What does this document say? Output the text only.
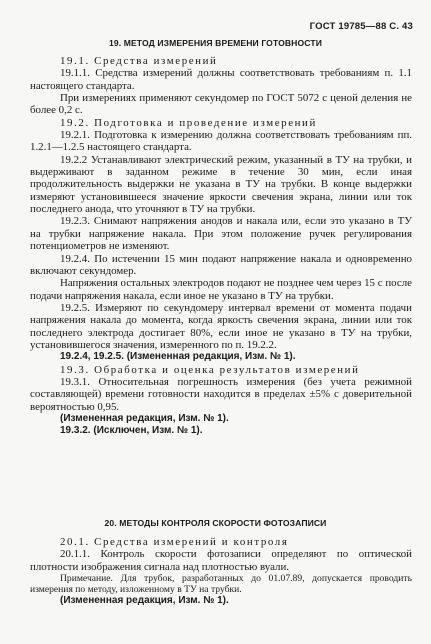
ГОСТ 19785—88 С. 43
19. МЕТОД ИЗМЕРЕНИЯ ВРЕМЕНИ ГОТОВНОСТИ

19.1. Средства измерений

19.1.1. Средства измерений должны соответствовать требованиям п. 1.1 настоящего стандарта.

При измерениях применяют секундомер по ГОСТ 5072 с ценой деления не более 0,2 с.

19.2. Подготовка и проведение измерений

19.2.1. Подготовка к измерению должна соответствовать требованиям пп. 1.2.1—1.2.5 настоящего стандарта.

19.2.2 Устанавливают электрический режим, указанный в ТУ на трубки, и выдерживают в заданном режиме в течение 30 мин, если иная продолжительность выдержки не указана в ТУ на трубки. В конце выдержки измеряют установившееся значение яркости свечения экрана, линии или ток последнего анода, что уточняют в ТУ на трубки.

19.2.3. Снимают напряжения анодов и накала или, если это указано в ТУ на трубки напряжение накала. При этом положение ручек регулирования потенциометров не изменяют.

19.2.4. По истечении 15 мин подают напряжение накала и одновременно включают секундомер.

Напряжения остальных электродов подают не позднее чем через 15 с после подачи напряжения накала, если иное не указано в ТУ на трубки.

19.2.5. Измеряют по секундомеру интервал времени от момента подачи напряжения накала до момента, когда яркость свечения экрана, линии или ток последнего электрода достигает 80%, если иное не указано в ТУ на трубки, установившегося значения, измеренного по п. 19.2.2.

19.2.4, 19.2.5. (Измененная редакция, Изм. № 1).

19.3. Обработка и оценка результатов измерений

19.3.1. Относительная погрешность измерения (без учета режимной составляющей) времени готовности находится в пределах ±5% с доверительной вероятностью 0,95.

(Измененная редакция, Изм. № 1).

19.3.2. (Исключен, Изм. № 1).

20. МЕТОДЫ КОНТРОЛЯ СКОРОСТИ ФОТОЗАПИСИ

20.1. Средства измерений и контроля

20.1.1. Контроль скорости фотозаписи определяют по оптической плотности изображения сигнала над плотностью вуали.

Примечание. Для трубок, разработанных до 01.07.89, допускается проводить измерения по методу, изложенному в ТУ на трубки.

(Измененная редакция, Изм. № 1).
